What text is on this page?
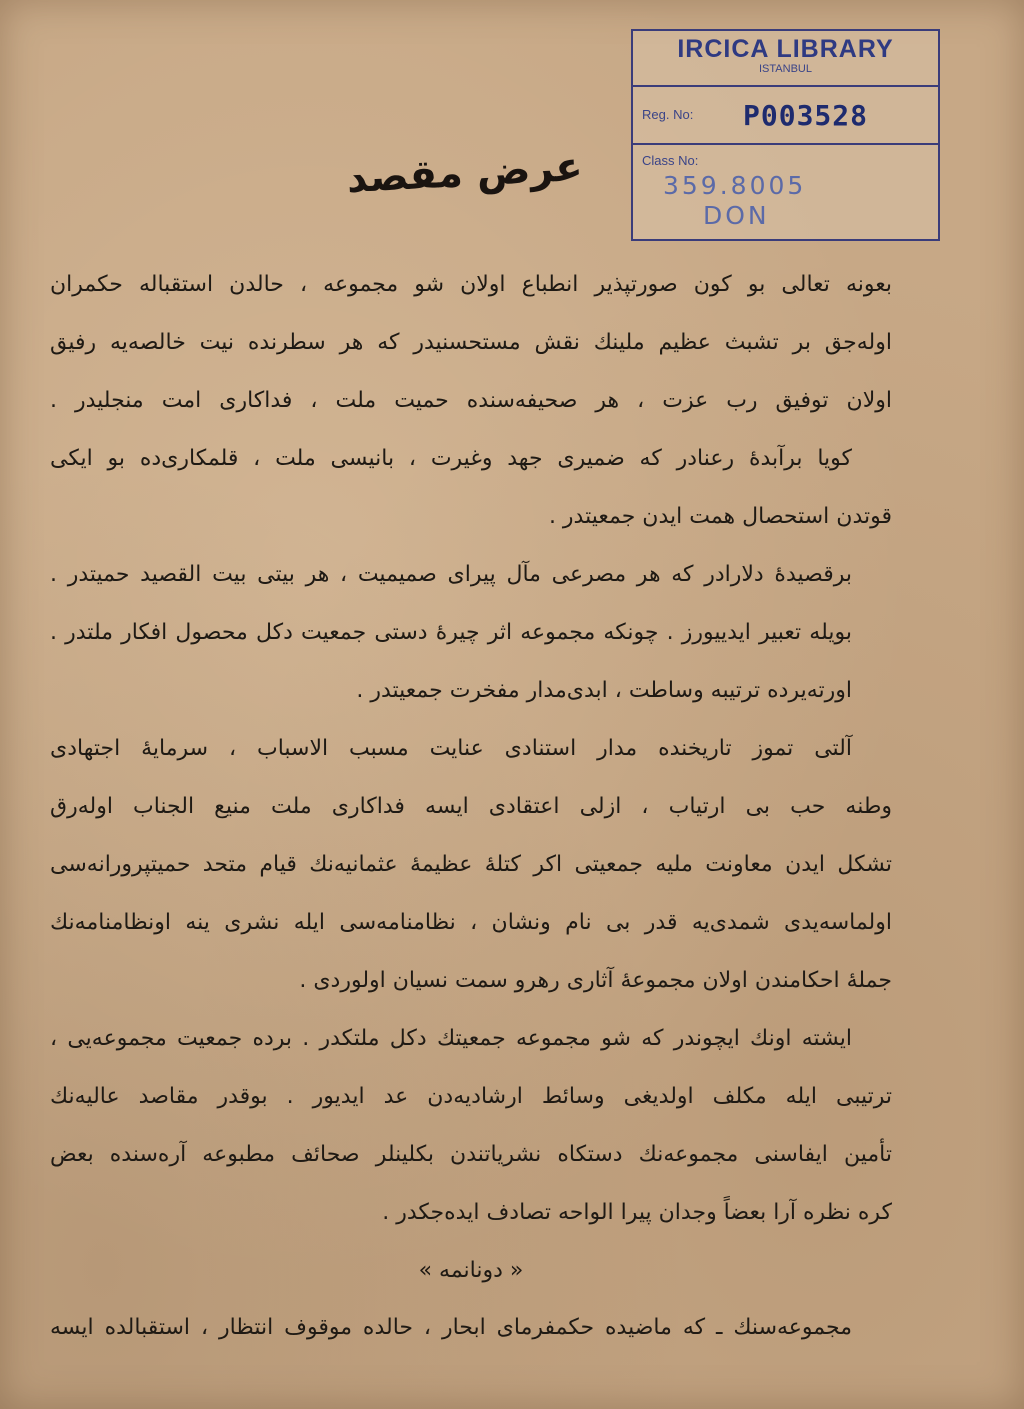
IRCICA LIBRARY
ISTANBUL
Reg. No: P003528
Class No:
359.8005
DON
عرض مقصد
بعونه تعالی بو کون صورتپذیر انطباع اولان شو مجموعه ، حالدن استقباله حکمران
اوله‌جق بر تشبث عظیم ملینك نقش مستحسنیدر که هر سطرنده نیت خالصه‌یه رفیق
اولان توفیق رب عزت ، هر صحیفه‌سنده حمیت ملت ، فداکاری امت منجلیدر .
کویا برآبدهٔ رعنادر که ضمیری جهد وغیرت ، بانیسی ملت ، قلمکاری‌ده بو ایکی
قوتدن استحصال همت ایدن جمعیتدر .
برقصیدهٔ دلارادر که هر مصرعی مآل پیرای صمیمیت ، هر بیتی بیت القصید حمیتدر .
بویله تعبیر ایدییورز . چونکه مجموعه اثر چیرهٔ دستی جمعیت دکل محصول افکار ملتدر .
اورته‌یرده ترتیبه وساطت ، ابدی‌مدار مفخرت جمعیتدر .
آلتی تموز تاریخنده مدار استنادی عنایت مسبب الاسباب ، سرمایهٔ اجتهادی
وطنه حب بی ارتیاب ، ازلی اعتقادی ایسه فداکاری ملت منیع الجناب اوله‌رق
تشکل ایدن معاونت ملیه جمعیتی اکر کتلهٔ عظیمهٔ عثمانیه‌نك قیام متحد حمیتپرورانه‌سی
اولماسه‌یدی شمدی‌یه قدر بی نام ونشان ، نظامنامه‌سی ایله نشری ینه اونظامنامه‌نك
جملهٔ احکامندن اولان مجموعهٔ آثاری رهرو سمت نسیان اولوردی .
ایشته اونك ایچوندر که شو مجموعه جمعیتك دکل ملتکدر . برده جمعیت مجموعه‌یی ،
ترتیبی ایله مکلف اولدیغی وسائط ارشادیه‌دن عد ایدیور . بوقدر مقاصد عالیه‌نك
تأمین ایفاسنی مجموعه‌نك دستکاه نشریاتندن بکلینلر صحائف مطبوعه آره‌سنده بعض
کره نظره آرا بعضاً وجدان پیرا الواحه تصادف ایده‌جکدر .
« دونانمه »
مجموعه‌سنك ـ که ماضیده حکمفرمای ابحار ، حالده موقوف انتظار ، استقبالده ایسه
